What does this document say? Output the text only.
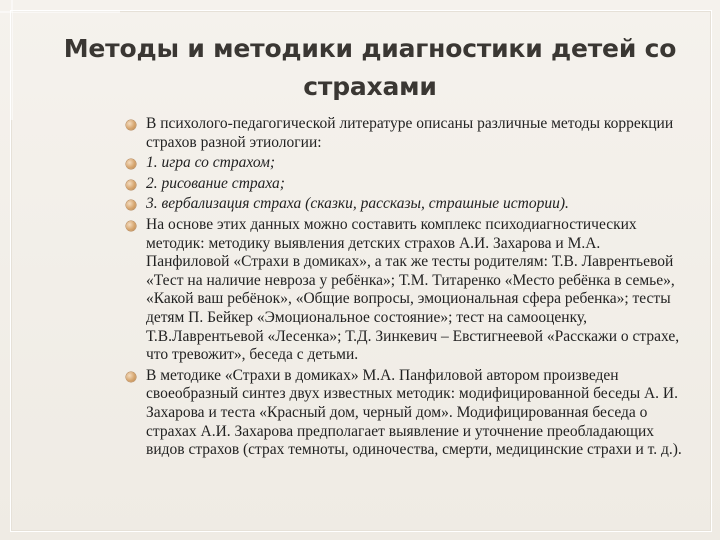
Методы и методики диагностики детей со страхами
В психолого-педагогической литературе описаны различные методы коррекции страхов разной этиологии:
1. игра со страхом;
2. рисование страха;
3. вербализация страха (сказки, рассказы, страшные истории).
На основе этих данных можно составить комплекс психодиагностических методик: методику выявления детских страхов А.И. Захарова и М.А. Панфиловой «Страхи в домиках», а так же тесты родителям: Т.В. Лаврентьевой «Тест на наличие невроза у ребёнка»; Т.М. Титаренко «Место ребёнка в семье», «Какой ваш ребёнок», «Общие вопросы, эмоциональная сфера ребенка»; тесты детям П. Бейкер «Эмоциональное состояние»; тест на самооценку, Т.В.Лаврентьевой «Лесенка»; Т.Д. Зинкевич – Евстигнеевой «Расскажи о страхе, что тревожит», беседа с детьми.
В методике «Страхи в домиках» М.А. Панфиловой автором произведен своеобразный синтез двух известных методик: модифицированной беседы А. И. Захарова и теста «Красный дом, черный дом». Модифицированная беседа о страхах А.И. Захарова предполагает выявление и уточнение преобладающих видов страхов (страх темноты, одиночества, смерти, медицинские страхи и т. д.).
